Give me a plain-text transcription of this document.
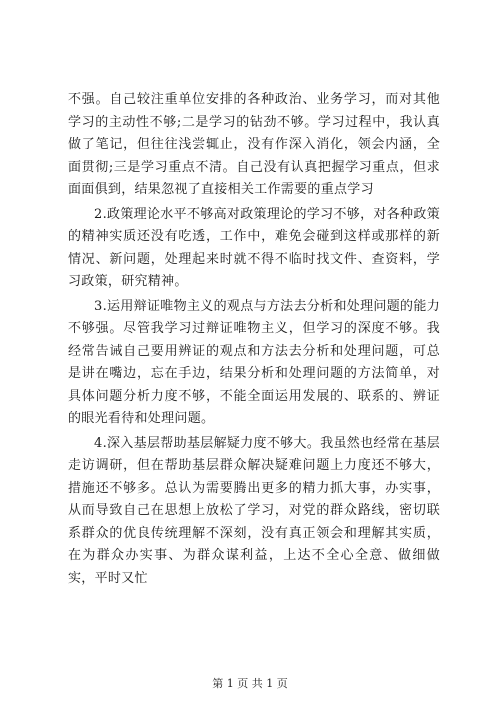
不强。自己较注重单位安排的各种政治、业务学习，而对其他学习的主动性不够;二是学习的钻劲不够。学习过程中，我认真做了笔记，但往往浅尝辄止，没有作深入消化，领会内涵，全面贯彻;三是学习重点不清。自己没有认真把握学习重点，但求面面俱到，结果忽视了直接相关工作需要的重点学习

2.政策理论水平不够高对政策理论的学习不够，对各种政策的精神实质还没有吃透，工作中，难免会碰到这样或那样的新情况、新问题，处理起来时就不得不临时找文件、查资料，学习政策，研究精神。

3.运用辩证唯物主义的观点与方法去分析和处理问题的能力不够强。尽管我学习过辩证唯物主义，但学习的深度不够。我经常告诫自己要用辨证的观点和方法去分析和处理问题，可总是讲在嘴边，忘在手边，结果分析和处理问题的方法简单，对具体问题分析力度不够，不能全面运用发展的、联系的、辨证的眼光看待和处理问题。

4.深入基层帮助基层解疑力度不够大。我虽然也经常在基层走访调研，但在帮助基层群众解决疑难问题上力度还不够大，措施还不够多。总认为需要腾出更多的精力抓大事，办实事，从而导致自己在思想上放松了学习，对党的群众路线，密切联系群众的优良传统理解不深刻，没有真正领会和理解其实质，在为群众办实事、为群众谋利益，上达不全心全意、做细做实，平时又忙

第 1 页 共 1 页
